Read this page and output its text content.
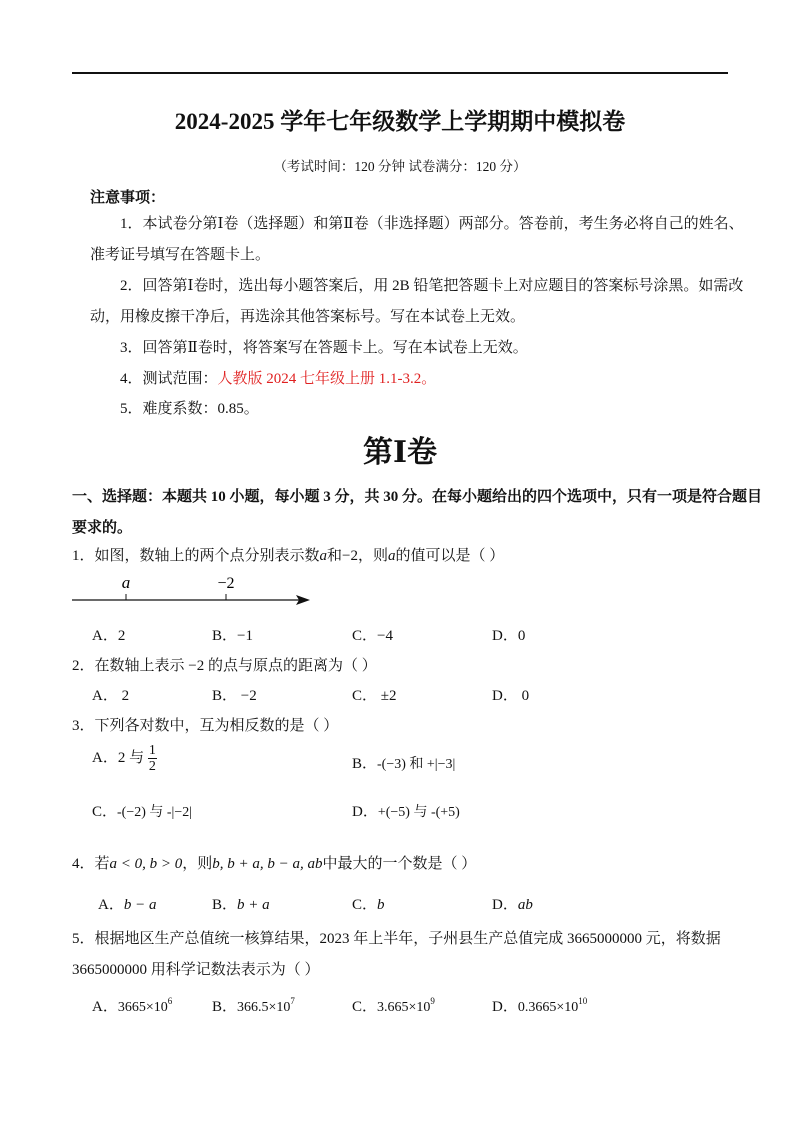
2024-2025 学年七年级数学上学期期中模拟卷
（考试时间：120 分钟 试卷满分：120 分）
注意事项：
1．本试卷分第Ⅰ卷（选择题）和第Ⅱ卷（非选择题）两部分。答卷前，考生务必将自己的姓名、
准考证号填写在答题卡上。
2．回答第Ⅰ卷时，选出每小题答案后，用 2B 铅笔把答题卡上对应题目的答案标号涂黑。如需改
动，用橡皮擦干净后，再选涂其他答案标号。写在本试卷上无效。
3．回答第Ⅱ卷时，将答案写在答题卡上。写在本试卷上无效。
4．测试范围：人教版 2024 七年级上册 1.1-3.2。
5．难度系数：0.85。
第Ⅰ卷
一、选择题：本题共 10 小题，每小题 3 分，共 30 分。在每小题给出的四个选项中，只有一项是符合题目
要求的。
1．如图，数轴上的两个点分别表示数a和−2，则a的值可以是（ ）
a	−2
A．2	B．−1	C．−4	D．0
2．在数轴上表示 −2 的点与原点的距离为（ ）
A． 2	B． −2	C． ±2	D． 0
3．下列各对数中，互为相反数的是（ ）
A．2 与 $\frac{1}{2}$	B．-(−3) 和 +|−3|
C．-(−2) 与 -|−2|	D．+(−5) 与 -(+5)
4．若a < 0, b > 0，则b, b + a, b − a, ab中最大的一个数是（ ）
A．b − a	B．b + a	C．b	D．ab
5．根据地区生产总值统一核算结果，2023 年上半年，子州县生产总值完成 3665000000 元，将数据
3665000000 用科学记数法表示为（ ）
A．$3665\times 10^6$	B．$366.5\times 10^7$	C．$3.665\times 10^9$	D．$0.3665\times 10^{10}$
